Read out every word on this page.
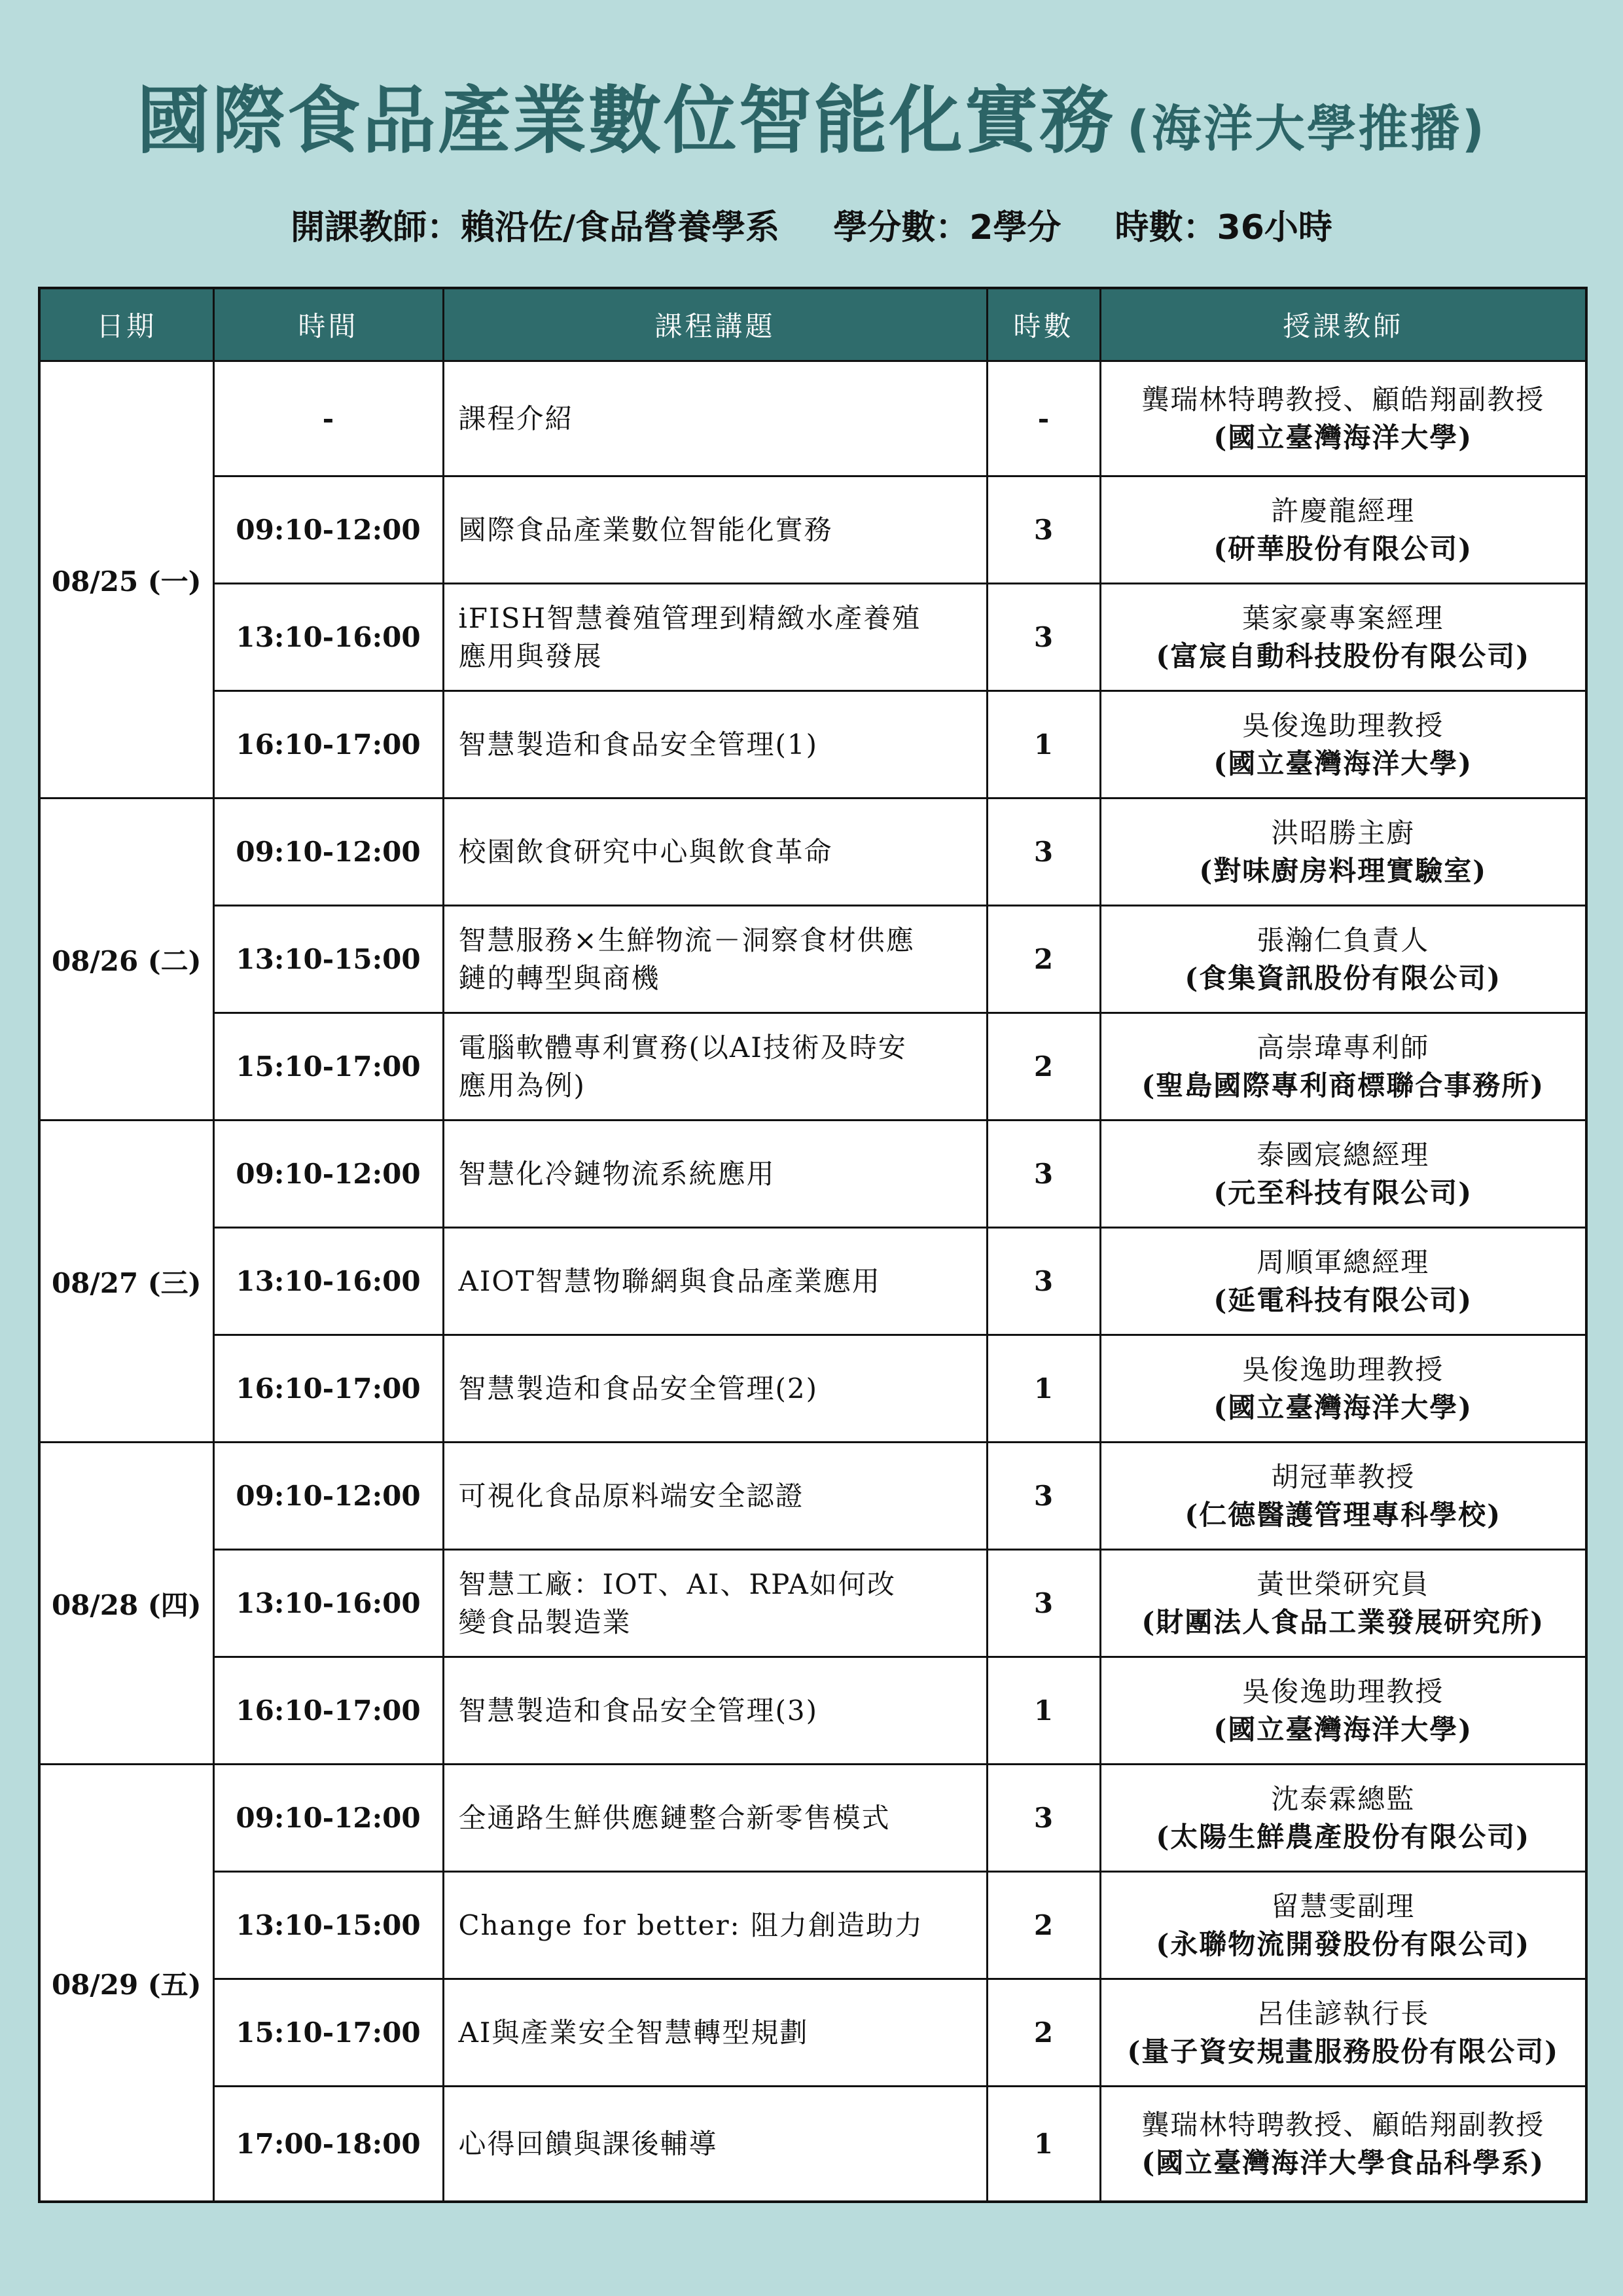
國際食品產業數位智能化實務 (海洋大學推播)
開課教師：賴沿佐/食品營養學系 學分數：2學分 時數：36小時
日期	時間	課程講題	時數	授課教師
08/25 (一)	-	課程介紹	-	龔瑞林特聘教授、顧皓翔副教授
(國立臺灣海洋大學)

	09:10-12:00	國際食品產業數位智能化實務	3	許慶龍經理
(研華股份有限公司)

	13:10-16:00	iFISH智慧養殖管理到精緻水產養殖
應用與發展	3	葉家豪專案經理
(富宸自動科技股份有限公司)

	16:10-17:00	智慧製造和食品安全管理(1)	1	吳俊逸助理教授
(國立臺灣海洋大學)

08/26 (二)	09:10-12:00	校園飲食研究中心與飲食革命	3	洪昭勝主廚
(對味廚房料理實驗室)

	13:10-15:00	智慧服務×生鮮物流－洞察食材供應
鏈的轉型與商機	2	張瀚仁負責人
(食集資訊股份有限公司)

	15:10-17:00	電腦軟體專利實務(以AI技術及時安
應用為例)	2	高崇瑋專利師
(聖島國際專利商標聯合事務所)

08/27 (三)	09:10-12:00	智慧化冷鏈物流系統應用	3	泰國宸總經理
(元至科技有限公司)

	13:10-16:00	AIOT智慧物聯網與食品產業應用	3	周順軍總經理
(延電科技有限公司)

	16:10-17:00	智慧製造和食品安全管理(2)	1	吳俊逸助理教授
(國立臺灣海洋大學)

08/28 (四)	09:10-12:00	可視化食品原料端安全認證	3	胡冠華教授
(仁德醫護管理專科學校)

	13:10-16:00	智慧工廠：IOT、AI、RPA如何改
變食品製造業	3	黃世榮研究員
(財團法人食品工業發展研究所)

	16:10-17:00	智慧製造和食品安全管理(3)	1	吳俊逸助理教授
(國立臺灣海洋大學)

08/29 (五)	09:10-12:00	全通路生鮮供應鏈整合新零售模式	3	沈泰霖總監
(太陽生鮮農產股份有限公司)

	13:10-15:00	Change for better: 阻力創造助力	2	留慧雯副理
(永聯物流開發股份有限公司)

	15:10-17:00	AI與產業安全智慧轉型規劃	2	呂佳諺執行長
(量子資安規畫服務股份有限公司)

	17:00-18:00	心得回饋與課後輔導	1	龔瑞林特聘教授、顧皓翔副教授
(國立臺灣海洋大學食品科學系)
